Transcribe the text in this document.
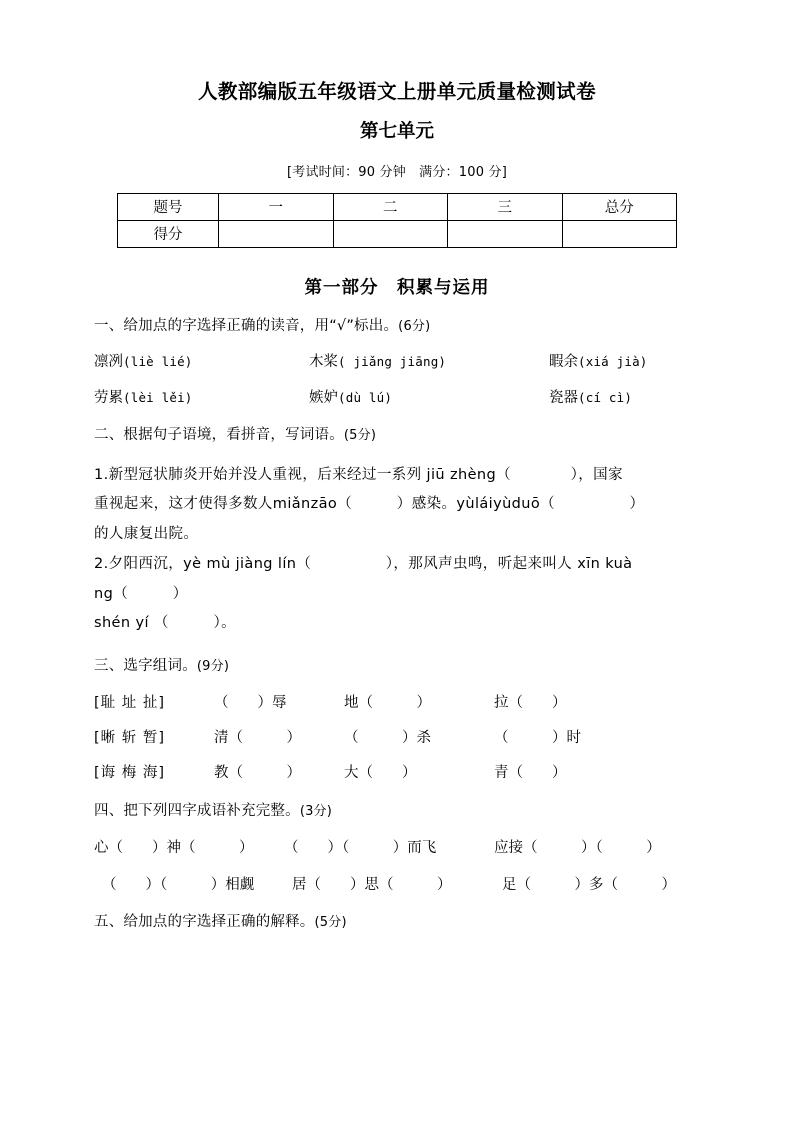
人教部编版五年级语文上册单元质量检测试卷
第七单元
[考试时间：90 分钟　满分：100 分]
题号	一	二	三	总分
得分				
第一部分　积累与运用
一、给加点的字选择正确的读音，用“√”标出。(6分)
凛冽(liè lié)	木桨( jiǎng jiāng)	暇余(xiá jià)
劳累(lèi lěi)	嫉妒(dù lú)	瓷器(cí cì)
二、根据句子语境，看拼音，写词语。(5分)
1.新型冠状肺炎开始并没人重视，后来经过一系列 jiū zhèng（　　　　），国家
重视起来，这才使得多数人miǎnzāo（　　　）感染。yùláiyùduō（　　　　　）
的人康复出院。
2.夕阳西沉，yè mù jiàng lín（　　　　　），那风声虫鸣，听起来叫人 xīn kuà
ng（　　　）
shén yí （　　　）。
三、选字组词。(9分)
[耻 址 扯]	（　　）辱	地（　　　）	拉（　　）
[晰 斩 暂]	清（　　　）	（　　　）杀	（　　　）时
[诲 梅 海]	教（　　　）	大（　　）	青（　　）
四、把下列四字成语补充完整。(3分)
心（　　）神（　　　）	（　　）（　　　）而飞	应接（　　　）（　　　）
（　　）（　　　）相觑	居（　　）思（　　　）	足（　　　）多（　　　）
五、给加点的字选择正确的解释。(5分)
